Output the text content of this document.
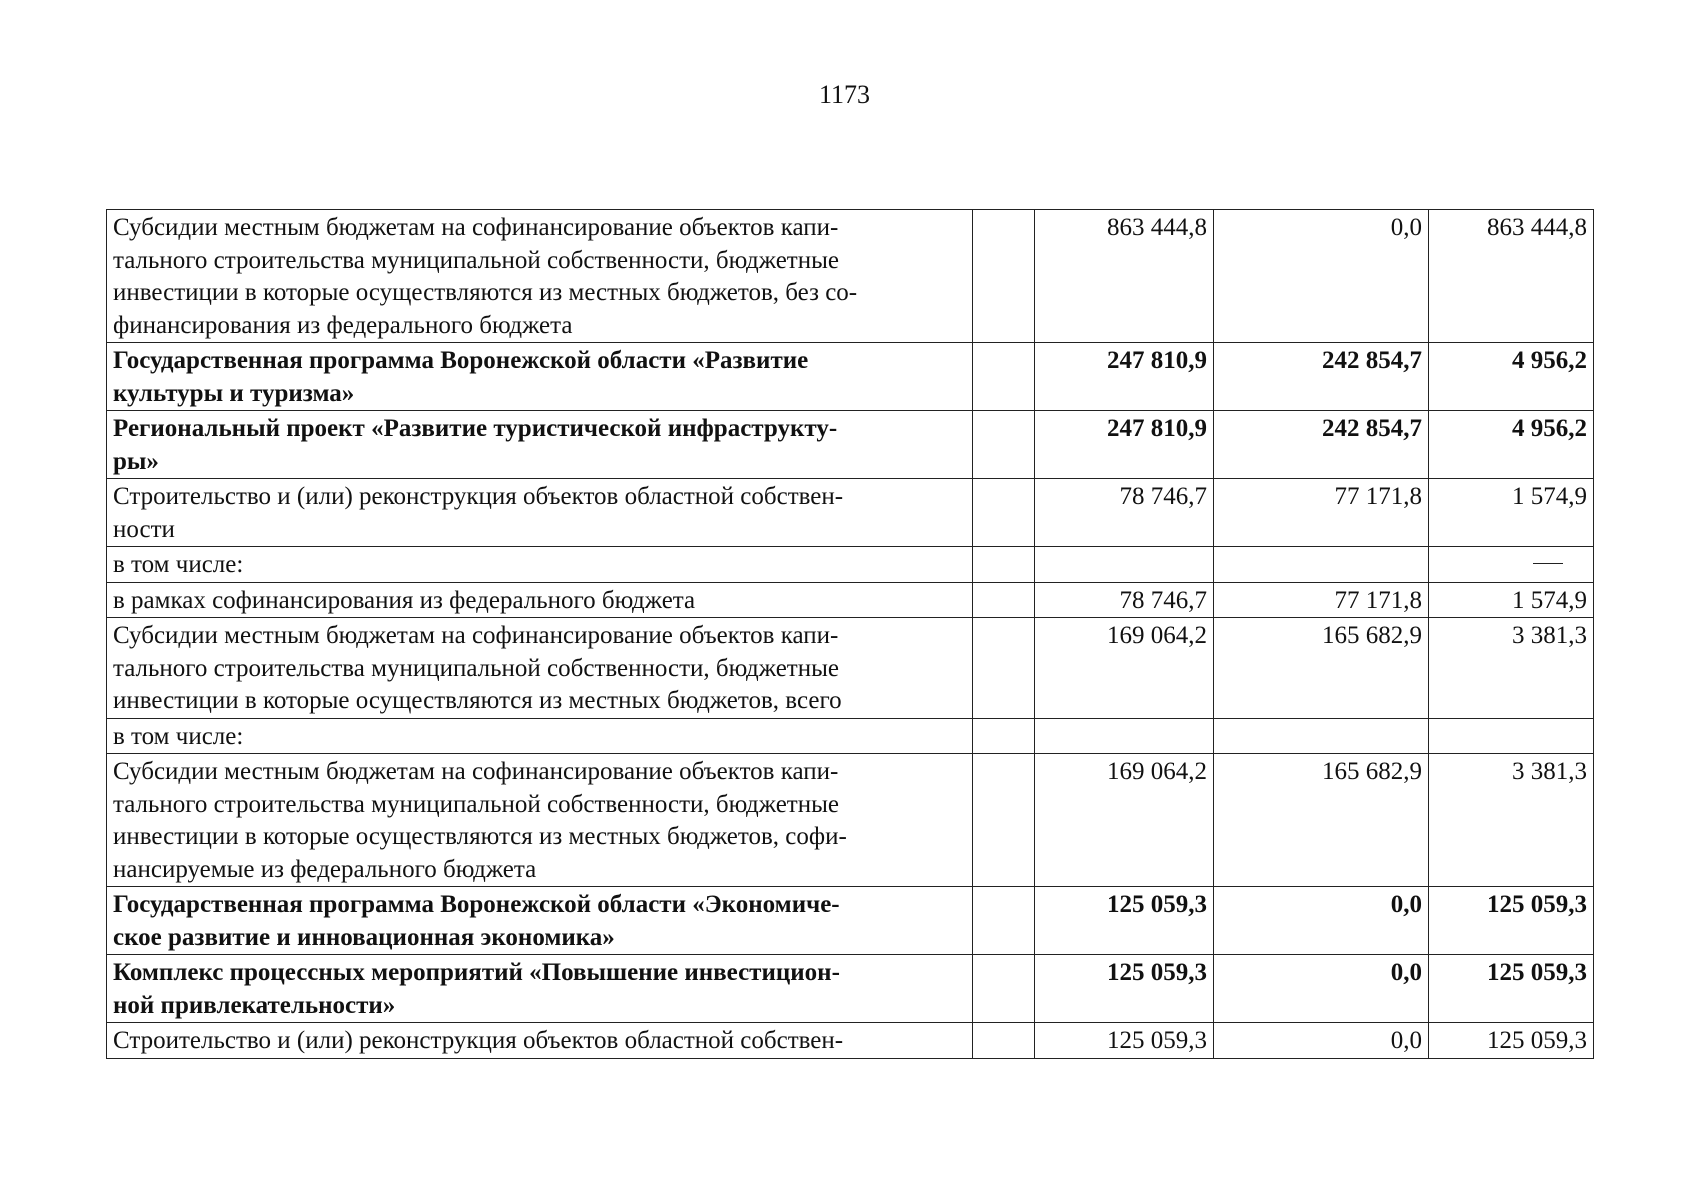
1173
Субсидии местным бюджетам на софинансирование объектов капи-
тального строительства муниципальной собственности, бюджетные
инвестиции в которые осуществляются из местных бюджетов, без со-
финансирования из федерального бюджета		863 444,8	0,0	863 444,8

Государственная программа Воронежской области «Развитие
культуры и туризма»		247 810,9	242 854,7	4 956,2

Региональный проект «Развитие туристической инфраструкту-
ры»		247 810,9	242 854,7	4 956,2

Строительство и (или) реконструкция объектов областной собствен-
ности		78 746,7	77 171,8	1 574,9

в том числе:				

в рамках софинансирования из федерального бюджета		78 746,7	77 171,8	1 574,9

Субсидии местным бюджетам на софинансирование объектов капи-
тального строительства муниципальной собственности, бюджетные
инвестиции в которые осуществляются из местных бюджетов, всего		169 064,2	165 682,9	3 381,3

в том числе:				

Субсидии местным бюджетам на софинансирование объектов капи-
тального строительства муниципальной собственности, бюджетные
инвестиции в которые осуществляются из местных бюджетов, софи-
нансируемые из федерального бюджета		169 064,2	165 682,9	3 381,3

Государственная программа Воронежской области «Экономиче-
ское развитие и инновационная экономика»		125 059,3	0,0	125 059,3

Комплекс процессных мероприятий «Повышение инвестицион-
ной привлекательности»		125 059,3	0,0	125 059,3

Строительство и (или) реконструкция объектов областной собствен-		125 059,3	0,0	125 059,3
